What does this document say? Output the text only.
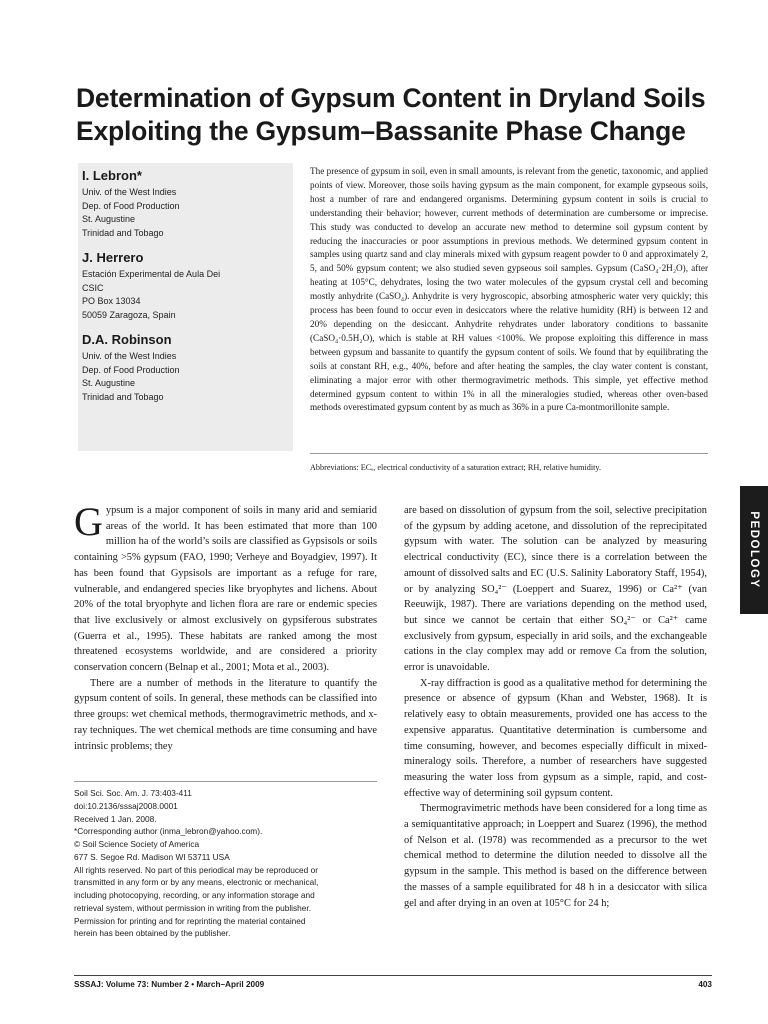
Determination of Gypsum Content in Dryland Soils Exploiting the Gypsum–Bassanite Phase Change

I. Lebron*

Univ. of the West Indies
Dep. of Food Production
St. Augustine
Trinidad and Tobago

J. Herrero

Estación Experimental de Aula Dei
CSIC
PO Box 13034
50059 Zaragoza, Spain

D.A. Robinson

Univ. of the West Indies
Dep. of Food Production
St. Augustine
Trinidad and Tobago

The presence of gypsum in soil, even in small amounts, is relevant from the genetic, taxonomic, and applied points of view. Moreover, those soils having gypsum as the main component, for example gypseous soils, host a number of rare and endangered organisms. Determining gypsum content in soils is crucial to understanding their behavior; however, current methods of determination are cumbersome or imprecise. This study was conducted to develop an accurate new method to determine soil gypsum content by reducing the inaccuracies or poor assumptions in previous methods. We determined gypsum content in samples using quartz sand and clay minerals mixed with gypsum reagent powder to 0 and approximately 2, 5, and 50% gypsum content; we also studied seven gypseous soil samples. Gypsum (CaSO₄·2H₂O), after heating at 105°C, dehydrates, losing the two water molecules of the gypsum crystal cell and becoming mostly anhydrite (CaSO₄). Anhydrite is very hygroscopic, absorbing atmospheric water very quickly; this process has been found to occur even in desiccators where the relative humidity (RH) is between 12 and 20% depending on the desiccant. Anhydrite rehydrates under laboratory conditions to bassanite (CaSO₄·0.5H₂O), which is stable at RH values <100%. We propose exploiting this difference in mass between gypsum and bassanite to quantify the gypsum content of soils. We found that by equilibrating the soils at constant RH, e.g., 40%, before and after heating the samples, the clay water content is constant, eliminating a major error with other thermogravimetric methods. This simple, yet effective method determined gypsum content to within 1% in all the mineralogies studied, whereas other oven-based methods overestimated gypsum content by as much as 36% in a pure Ca-montmorillonite sample.

Abbreviations: ECₑ, electrical conductivity of a saturation extract; RH, relative humidity.

Gypsum is a major component of soils in many arid and semiarid areas of the world. It has been estimated that more than 100 million ha of the world’s soils are classified as Gypsisols or soils containing >5% gypsum (FAO, 1990; Verheye and Boyadgiev, 1997). It has been found that Gypsisols are important as a refuge for rare, vulnerable, and endangered species like bryophytes and lichens. About 20% of the total bryophyte and lichen flora are rare or endemic species that live exclusively or almost exclusively on gypsiferous substrates (Guerra et al., 1995). These habitats are ranked among the most threatened ecosystems worldwide, and are considered a priority conservation concern (Belnap et al., 2001; Mota et al., 2003).

There are a number of methods in the literature to quantify the gypsum content of soils. In general, these methods can be classified into three groups: wet chemical methods, thermogravimetric methods, and x-ray techniques. The wet chemical methods are time consuming and have intrinsic problems; they

Soil Sci. Soc. Am. J. 73:403-411
doi:10.2136/sssaj2008.0001
Received 1 Jan. 2008.
*Corresponding author (inma_lebron@yahoo.com).
© Soil Science Society of America
677 S. Segoe Rd. Madison WI 53711 USA
All rights reserved. No part of this periodical may be reproduced or
transmitted in any form or by any means, electronic or mechanical,
including photocopying, recording, or any information storage and
retrieval system, without permission in writing from the publisher.
Permission for printing and for reprinting the material contained
herein has been obtained by the publisher.

are based on dissolution of gypsum from the soil, selective precipitation of the gypsum by adding acetone, and dissolution of the reprecipitated gypsum with water. The solution can be analyzed by measuring electrical conductivity (EC), since there is a correlation between the amount of dissolved salts and EC (U.S. Salinity Laboratory Staff, 1954), or by analyzing SO₄²⁻ (Loeppert and Suarez, 1996) or Ca²⁺ (van Reeuwijk, 1987). There are variations depending on the method used, but since we cannot be certain that either SO₄²⁻ or Ca²⁺ came exclusively from gypsum, especially in arid soils, and the exchangeable cations in the clay complex may add or remove Ca from the solution, error is unavoidable.

X-ray diffraction is good as a qualitative method for determining the presence or absence of gypsum (Khan and Webster, 1968). It is relatively easy to obtain measurements, provided one has access to the expensive apparatus. Quantitative determination is cumbersome and time consuming, however, and becomes especially difficult in mixed-mineralogy soils. Therefore, a number of researchers have suggested measuring the water loss from gypsum as a simple, rapid, and cost-effective way of determining soil gypsum content.

Thermogravimetric methods have been considered for a long time as a semiquantitative approach; in Loeppert and Suarez (1996), the method of Nelson et al. (1978) was recommended as a precursor to the wet chemical method to determine the dilution needed to dissolve all the gypsum in the sample. This method is based on the difference between the masses of a sample equilibrated for 48 h in a desiccator with silica gel and after drying in an oven at 105°C for 24 h;

PEDOLOGY
SSSAJ: Volume 73: Number 2 • March–April 2009	403
